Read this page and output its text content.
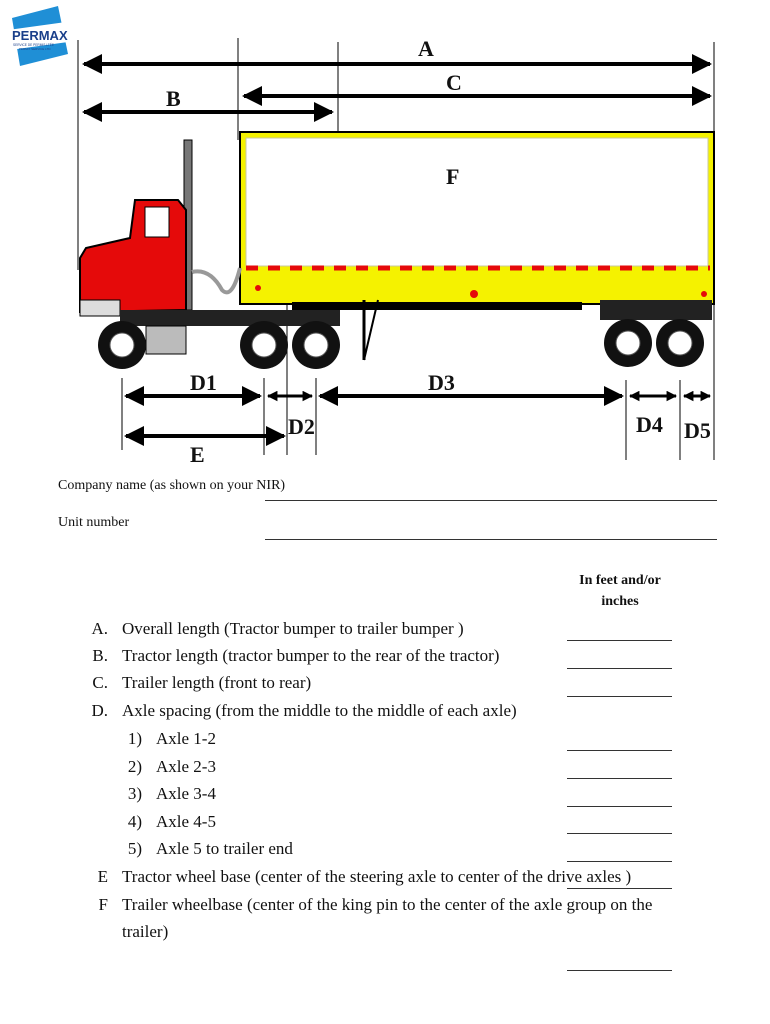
PERMAX
SERVICE DE PERMIS LTÉE
PERMIT SERVICE LTD	A
C
B
F
D1	D3
D2	D4 D5
E
Company name (as shown on your NIR)
Unit number
In feet and/or
inches
A. Overall length (Tractor bumper to trailer bumper )
B. Tractor length (tractor bumper to the rear of the tractor)
C. Trailer length (front to rear)
D. Axle spacing (from the middle to the middle of each axle)
1) Axle 1-2
2) Axle 2-3
3) Axle 3-4
4) Axle 4-5
5) Axle 5 to trailer end
E Tractor wheel base (center of the steering axle to center of the drive axles )
F Trailer wheelbase (center of the king pin to the center of the axle group on the
trailer)
